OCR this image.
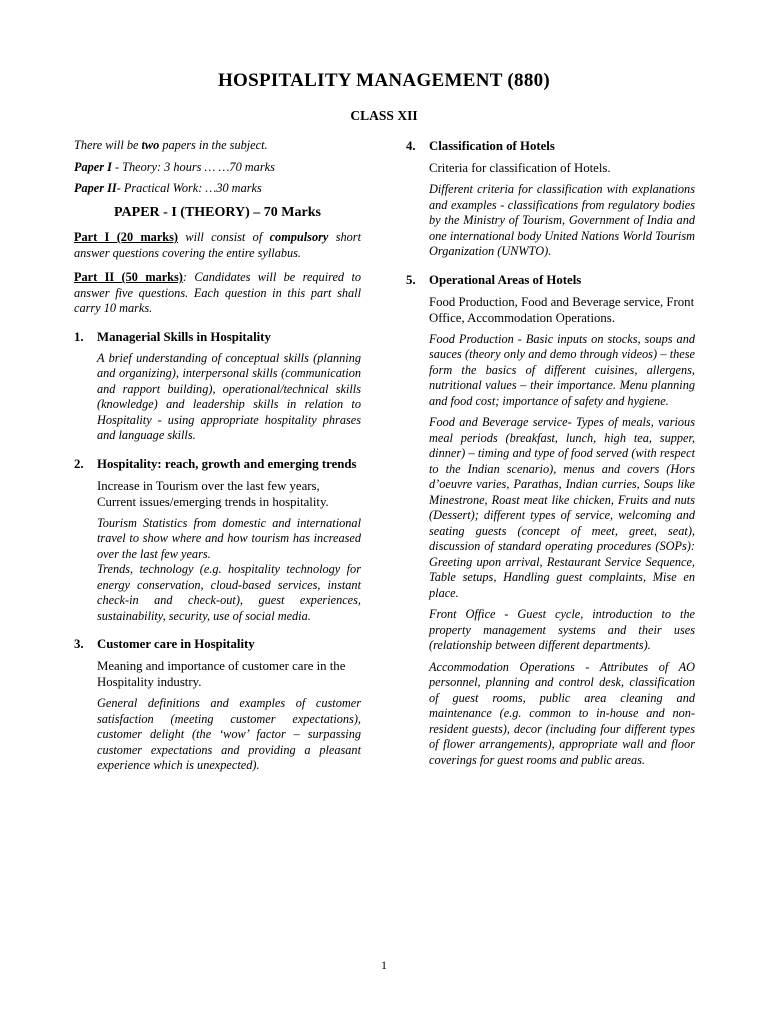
HOSPITALITY MANAGEMENT (880)
CLASS XII

There will be two papers in the subject.

Paper I - Theory: 3 hours … …70 marks

Paper II- Practical Work: …30 marks

PAPER - I (THEORY) – 70 Marks

Part I (20 marks) will consist of compulsory short answer questions covering the entire syllabus.

Part II (50 marks): Candidates will be required to answer five questions. Each question in this part shall carry 10 marks.

1.	Managerial Skills in Hospitality

A brief understanding of conceptual skills (planning and organizing), interpersonal skills (communication and rapport building), operational/technical skills (knowledge) and leadership skills in relation to Hospitality - using appropriate hospitality phrases and language skills.

2.	Hospitality: reach, growth and emerging trends

Increase in Tourism over the last few years, Current issues/emerging trends in hospitality.

Tourism Statistics from domestic and international travel to show where and how tourism has increased over the last few years.

Trends, technology (e.g. hospitality technology for energy conservation, cloud-based services, instant check-in and check-out), guest experiences, sustainability, security, use of social media.

3.	Customer care in Hospitality

Meaning and importance of customer care in the Hospitality industry.

General definitions and examples of customer satisfaction (meeting customer expectations), customer delight (the ‘wow’ factor – surpassing customer expectations and providing a pleasant experience which is unexpected).

4.	Classification of Hotels

Criteria for classification of Hotels.

Different criteria for classification with explanations and examples - classifications from regulatory bodies by the Ministry of Tourism, Government of India and one international body United Nations World Tourism Organization (UNWTO).

5.	Operational Areas of Hotels

Food Production, Food and Beverage service, Front Office, Accommodation Operations.

Food Production - Basic inputs on stocks, soups and sauces (theory only and demo through videos) – these form the basics of different cuisines, allergens, nutritional values – their importance. Menu planning and food cost; importance of safety and hygiene.

Food and Beverage service- Types of meals, various meal periods (breakfast, lunch, high tea, supper, dinner) – timing and type of food served (with respect to the Indian scenario), menus and covers (Hors d’oeuvre varies, Parathas, Indian curries, Soups like Minestrone, Roast meat like chicken, Fruits and nuts (Dessert); different types of service, welcoming and seating guests (concept of meet, greet, seat), discussion of standard operating procedures (SOPs): Greeting upon arrival, Restaurant Service Sequence, Table setups, Handling guest complaints, Mise en place.

Front Office - Guest cycle, introduction to the property management systems and their uses (relationship between different departments).

Accommodation Operations - Attributes of AO personnel, planning and control desk, classification of guest rooms, public area cleaning and maintenance (e.g. common to in-house and non-resident guests), decor (including four different types of flower arrangements), appropriate wall and floor coverings for guest rooms and public areas.

1
